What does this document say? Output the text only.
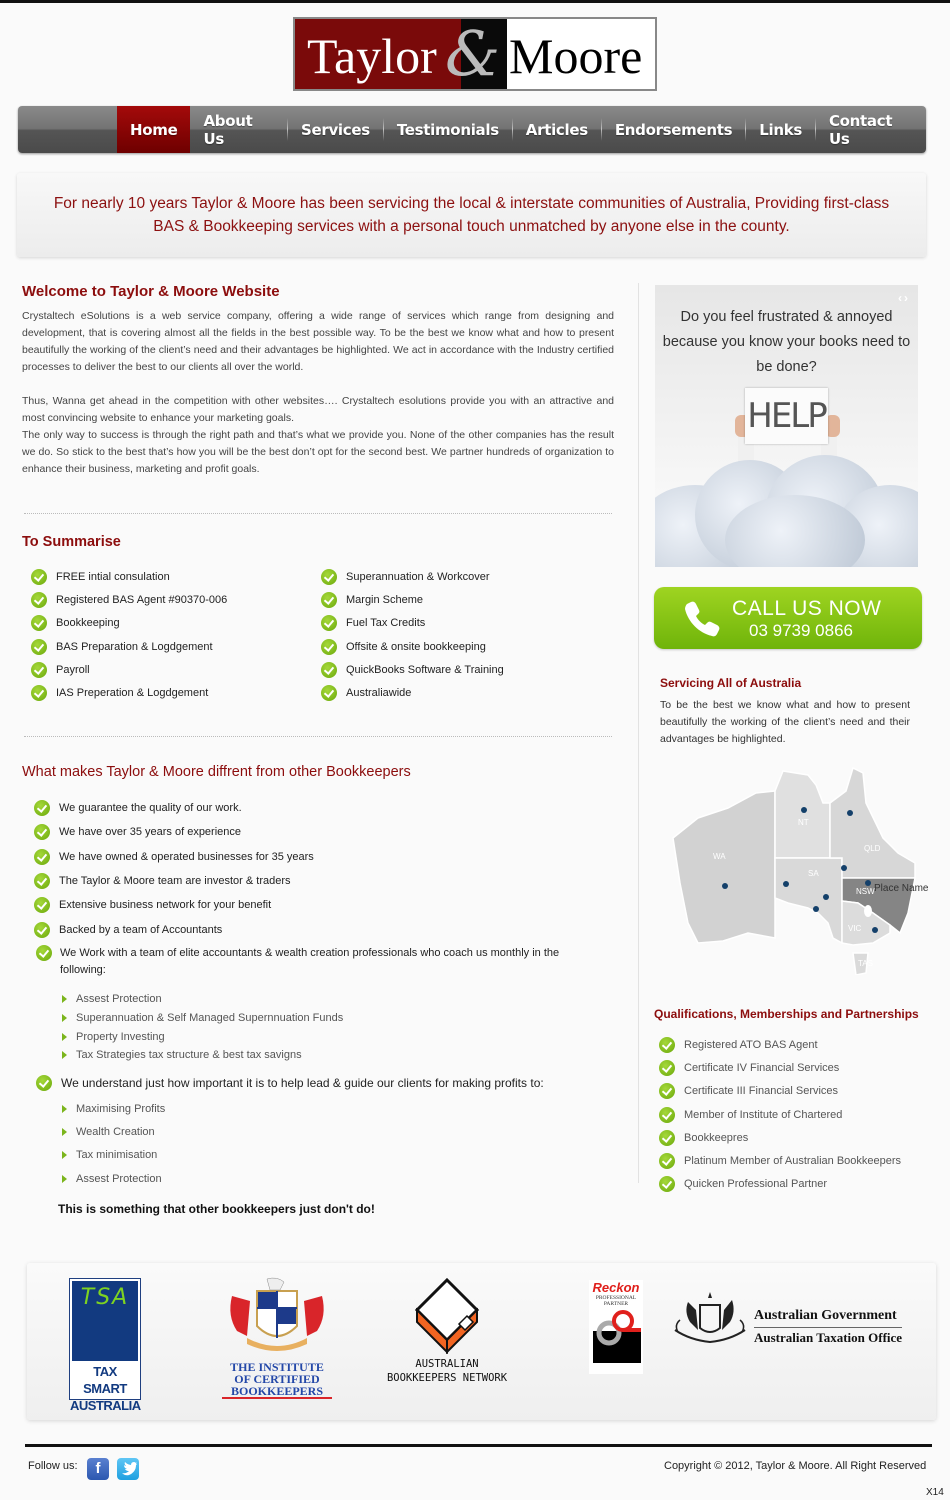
Taylor & Moore
Home	About Us	Services	Testimonials	Articles	Endorsements	Links	Contact Us

For nearly 10 years Taylor & Moore has been servicing the local & interstate communities of Australia, Providing first-class BAS & Bookkeeping services with a personal touch unmatched by anyone else in the county.

Welcome to Taylor & Moore Website

Crystaltech eSolutions is a web service company, offering a wide range of services which range from designing and development, that is covering almost all the fields in the best possible way. To be the best we know what and how to present beautifully the working of the client’s need and their advantages be highlighted. We act in accordance with the Industry certified processes to deliver the best to our clients all over the world.

Thus, Wanna get ahead in the competition with other websites…. Crystaltech esolutions provide you with an attractive and most convincing website to enhance your marketing goals.

The only way to success is through the right path and that’s what we provide you. None of the other companies has the result we do. So stick to the best that’s how you will be the best don’t opt for the second best. We partner hundreds of organization to enhance their business, marketing and profit goals.

To Summarise
FREE intial consulation
Registered BAS Agent #90370-006
Bookkeeping
BAS Preparation & Logdgement
Payroll
IAS Preperation & Logdgement
Superannuation & Workcover
Margin Scheme
Fuel Tax Credits
Offsite & onsite bookkeeping
QuickBooks Software & Training
Australiawide
What makes Taylor & Moore diffrent from other Bookkeepers
We guarantee the quality of our work.
We have over 35 years of experience
We have owned & operated businesses for 35 years
The Taylor & Moore team are investor & traders
Extensive business network for your benefit
Backed by a team of Accountants
We Work with a team of elite accountants & wealth creation professionals who coach us monthly in the following:
Assest Protection
Superannuation & Self Managed Supernnuation Funds
Property Investing
Tax Strategies tax structure & best tax savigns
We understand just how important it is to help lead & guide our clients for making profits to:
Maximising Profits
Wealth Creation
Tax minimisation
Assest Protection
This is something that other bookkeepers just don't do!
‹›
Do you feel frustrated & annoyed because you know your books need to be done?
HELP
CALL US NOW
03 9739 0866
Servicing All of Australia
To be the best we know what and how to present beautifully the working of the client’s need and their advantages be highlighted.
WA
NT
SA
QLD
NSW
VIC
TAS
Place Name
Qualifications, Memberships and Partnerships
Registered ATO BAS Agent
Certificate IV Financial Services
Certificate III Financial Services
Member of Institute of Chartered
Bookkeepres
Platinum Member of Australian Bookkeepers
Quicken Professional Partner
TSA
TAX SMART
AUSTRALIA
THE INSTITUTE
OF CERTIFIED
BOOKKEEPERS
AUSTRALIAN
BOOKKEEPERS NETWORK
Reckon
PROFESSIONAL
PARTNER
Australian Government
Australian Taxation Office
Follow us:	f	Copyright © 2012, Taylor & Moore. All Right Reserved
X14
